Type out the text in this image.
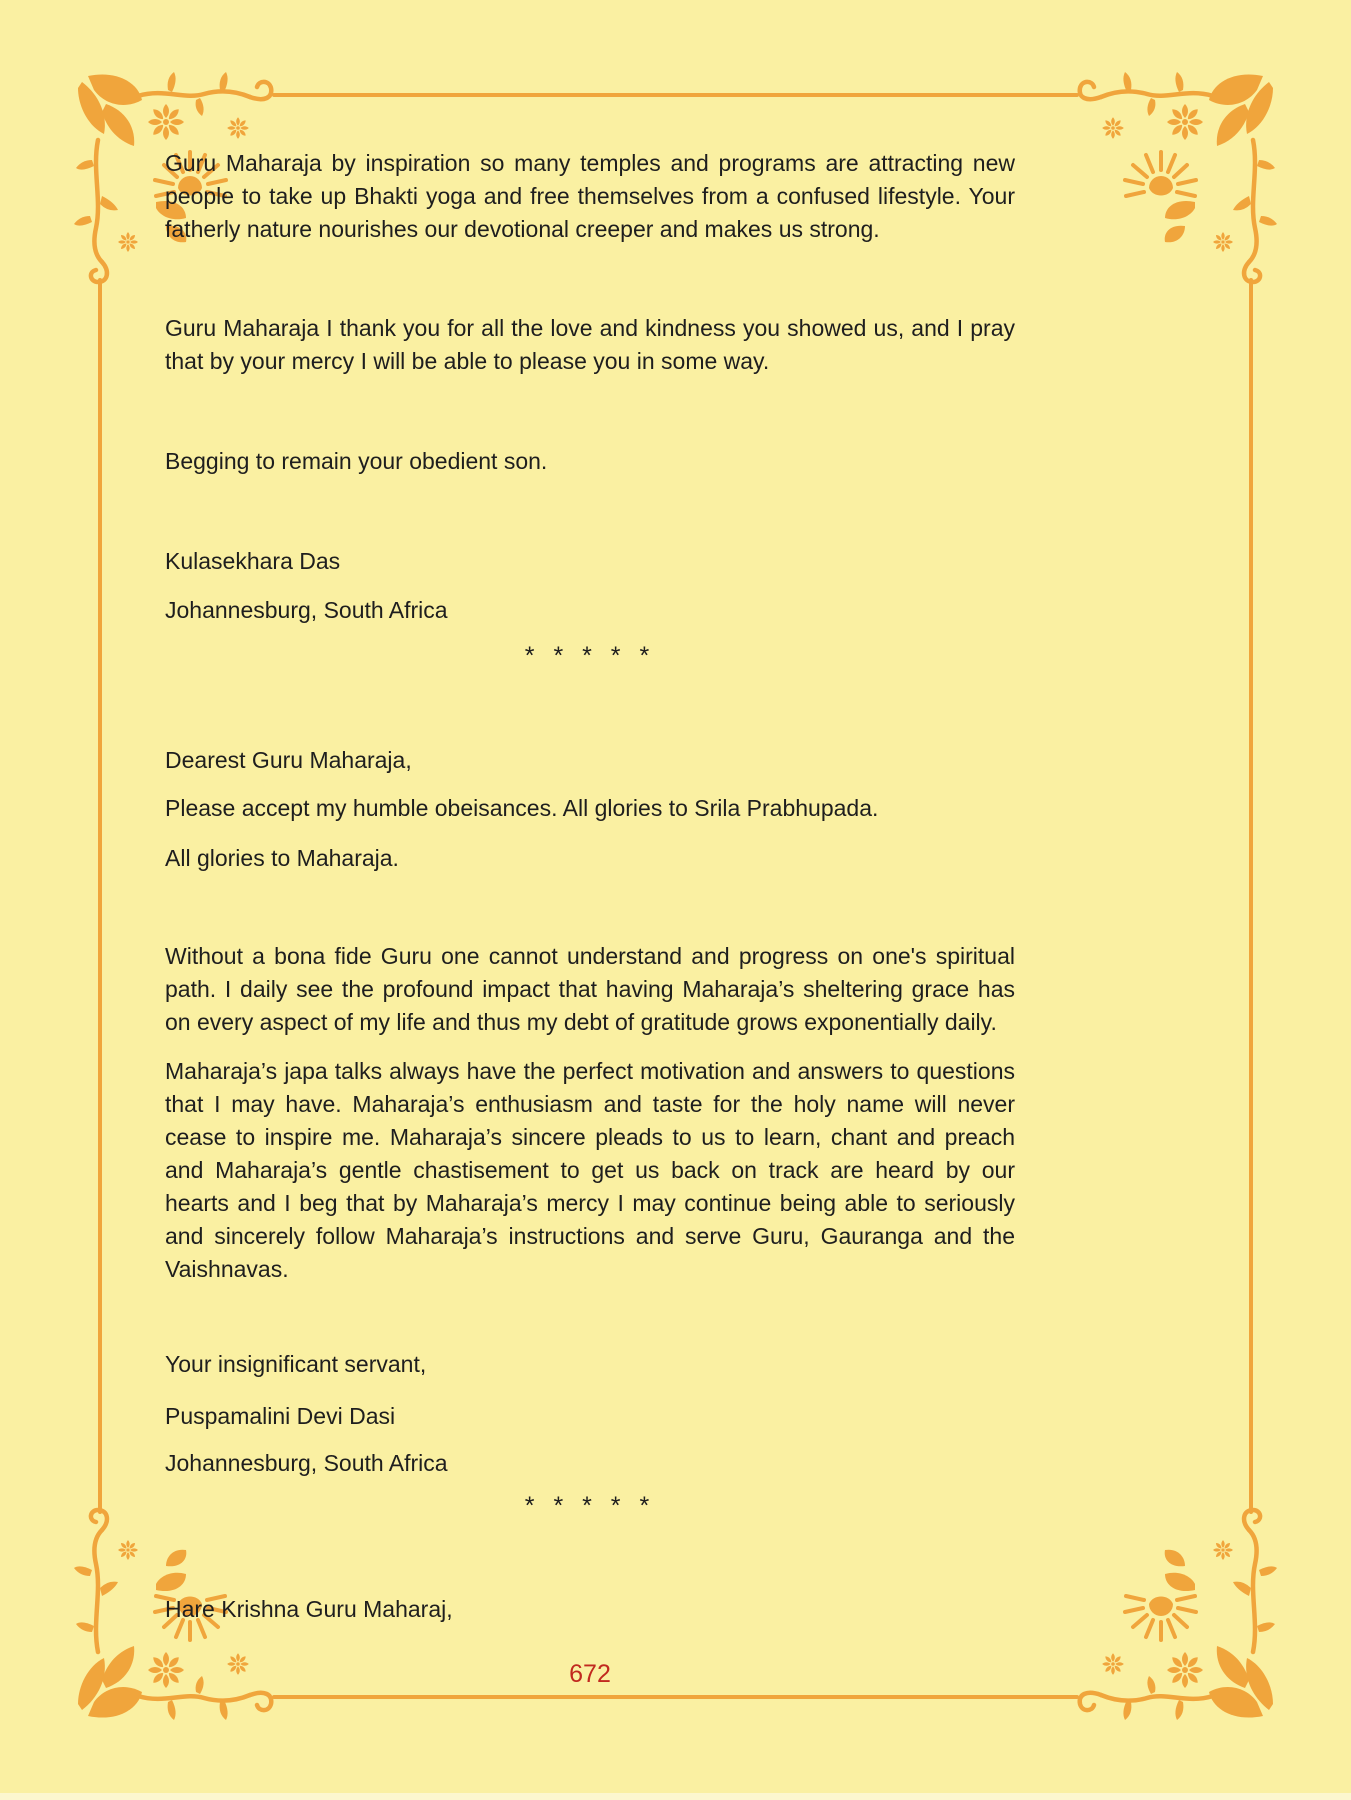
Guru Maharaja by inspiration so many temples and programs are attracting new people to take up Bhakti yoga and free themselves from a confused lifestyle. Your fatherly nature nourishes our devotional creeper and makes us strong.

Guru Maharaja I thank you for all the love and kindness you showed us, and I pray that by your mercy I will be able to please you in some way.

Begging to remain your obedient son.

Kulasekhara Das

Johannesburg, South Africa

* * * * *

Dearest Guru Maharaja,

Please accept my humble obeisances. All glories to Srila Prabhupada.

All glories to Maharaja.

Without a bona fide Guru one cannot understand and progress on one's spiritual path. I daily see the profound impact that having Maharaja’s sheltering grace has on every aspect of my life and thus my debt of gratitude grows exponentially daily.

Maharaja’s japa talks always have the perfect motivation and answers to questions that I may have. Maharaja’s enthusiasm and taste for the holy name will never cease to inspire me. Maharaja’s sincere pleads to us to learn, chant and preach and Maharaja’s gentle chastisement to get us back on track are heard by our hearts and I beg that by Maharaja’s mercy I may continue being able to seriously and sincerely follow Maharaja’s instructions and serve Guru, Gauranga and the Vaishnavas.

Your insignificant servant,

Puspamalini Devi Dasi

Johannesburg, South Africa

* * * * *

Hare Krishna Guru Maharaj,

672
